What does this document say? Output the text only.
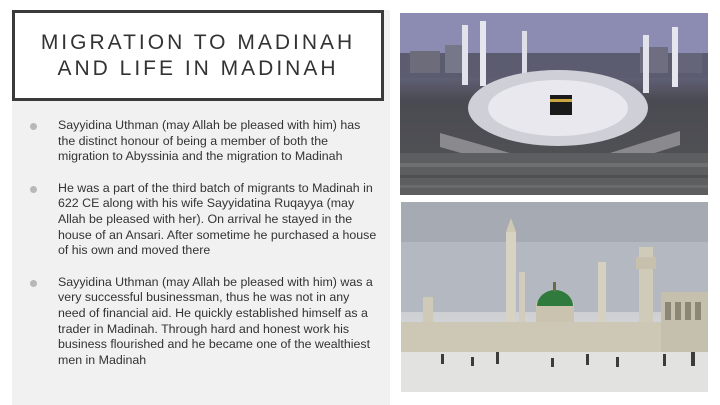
MIGRATION TO MADINAH AND LIFE IN MADINAH
Sayyidina Uthman (may Allah be pleased with him) has the distinct honour of being a member of both the migration to Abyssinia and the migration to Madinah
He was a part of the third batch of migrants to Madinah in 622 CE along with his wife Sayyidatina Ruqayya (may Allah be pleased with her). On arrival he stayed in the house of an Ansari. After sometime he purchased a house of his own and moved there
Sayyidina Uthman (may Allah be pleased with him) was a very successful businessman, thus he was not in any need of financial aid. He quickly established himself as a trader in Madinah. Through hard and honest work his business flourished and he became one of the wealthiest men in Madinah
